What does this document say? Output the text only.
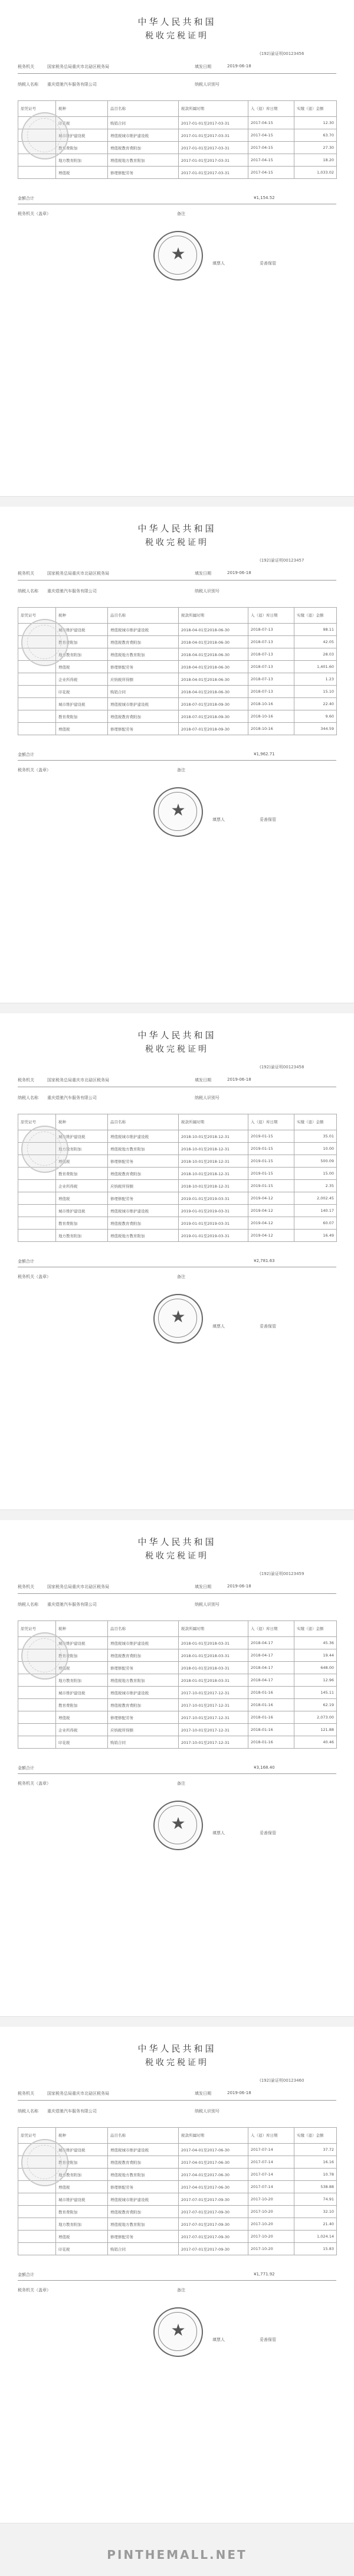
中华人民共和国
税收完税证明
(192)渝证明00123456
税务机关	国家税务总局重庆市北碚区税务局	填发日期	2019-06-18
纳税人名称 重庆煜驰汽车服务有限公司	纳税人识别号
原凭证号	税种	品目名称	税款所属时期	入（退）库日期	实缴（退）金额
	印花税	购销合同	2017-01-01至2017-03-31	2017-04-15	12.30
	城市维护建设税	增值税城市维护建设税	2017-01-01至2017-03-31	2017-04-15	63.70
	教育费附加	增值税教育费附加	2017-01-01至2017-03-31	2017-04-15	27.30
	地方教育附加	增值税地方教育附加	2017-01-01至2017-03-31	2017-04-15	18.20
	增值税	修理修配劳务	2017-01-01至2017-03-31	2017-04-15	1,033.02
金额合计	¥1,154.52
税务机关（盖章）	备注
★	填票人	妥善保管
中华人民共和国
税收完税证明
(192)渝证明00123457
税务机关	国家税务总局重庆市北碚区税务局	填发日期	2019-06-18
纳税人名称 重庆煜驰汽车服务有限公司	纳税人识别号
原凭证号	税种	品目名称	税款所属时期	入（退）库日期	实缴（退）金额
	城市维护建设税	增值税城市维护建设税	2018-04-01至2018-06-30	2018-07-13	98.11
	教育费附加	增值税教育费附加	2018-04-01至2018-06-30	2018-07-13	42.05
	地方教育附加	增值税地方教育附加	2018-04-01至2018-06-30	2018-07-13	28.03
	增值税	修理修配劳务	2018-04-01至2018-06-30	2018-07-13	1,401.60
	企业所得税	应纳税所得额	2018-04-01至2018-06-30	2018-07-13	1.23
	印花税	购销合同	2018-04-01至2018-06-30	2018-07-13	15.10
	城市维护建设税	增值税城市维护建设税	2018-07-01至2018-09-30	2018-10-16	22.40
	教育费附加	增值税教育费附加	2018-07-01至2018-09-30	2018-10-16	9.60
	增值税	修理修配劳务	2018-07-01至2018-09-30	2018-10-16	344.59
金额合计	¥1,962.71
税务机关（盖章）	备注
★	填票人	妥善保管
中华人民共和国
税收完税证明
(192)渝证明00123458
税务机关	国家税务总局重庆市北碚区税务局	填发日期	2019-06-18
纳税人名称 重庆煜驰汽车服务有限公司	纳税人识别号
原凭证号	税种	品目名称	税款所属时期	入（退）库日期	实缴（退）金额
	城市维护建设税	增值税城市维护建设税	2018-10-01至2018-12-31	2019-01-15	35.01
	地方教育附加	增值税地方教育附加	2018-10-01至2018-12-31	2019-01-15	10.00
	增值税	修理修配劳务	2018-10-01至2018-12-31	2019-01-15	500.09
	教育费附加	增值税教育费附加	2018-10-01至2018-12-31	2019-01-15	15.00
	企业所得税	应纳税所得额	2018-10-01至2018-12-31	2019-01-15	2.35
	增值税	修理修配劳务	2019-01-01至2019-03-31	2019-04-12	2,002.45
	城市维护建设税	增值税城市维护建设税	2019-01-01至2019-03-31	2019-04-12	140.17
	教育费附加	增值税教育费附加	2019-01-01至2019-03-31	2019-04-12	60.07
	地方教育附加	增值税地方教育附加	2019-01-01至2019-03-31	2019-04-12	16.49
金额合计	¥2,781.63
税务机关（盖章）	备注
★	填票人	妥善保管
中华人民共和国
税收完税证明
(192)渝证明00123459
税务机关	国家税务总局重庆市北碚区税务局	填发日期	2019-06-18
纳税人名称 重庆煜驰汽车服务有限公司	纳税人识别号
原凭证号	税种	品目名称	税款所属时期	入（退）库日期	实缴（退）金额
	城市维护建设税	增值税城市维护建设税	2018-01-01至2018-03-31	2018-04-17	45.36
	教育费附加	增值税教育费附加	2018-01-01至2018-03-31	2018-04-17	19.44
	增值税	修理修配劳务	2018-01-01至2018-03-31	2018-04-17	648.00
	地方教育附加	增值税地方教育附加	2018-01-01至2018-03-31	2018-04-17	12.96
	城市维护建设税	增值税城市维护建设税	2017-10-01至2017-12-31	2018-01-16	145.11
	教育费附加	增值税教育费附加	2017-10-01至2017-12-31	2018-01-16	62.19
	增值税	修理修配劳务	2017-10-01至2017-12-31	2018-01-16	2,073.00
	企业所得税	应纳税所得额	2017-10-01至2017-12-31	2018-01-16	121.88
	印花税	购销合同	2017-10-01至2017-12-31	2018-01-16	40.46
金额合计	¥3,168.40
税务机关（盖章）	备注
★	填票人	妥善保管
中华人民共和国
税收完税证明
(192)渝证明00123460
税务机关	国家税务总局重庆市北碚区税务局	填发日期	2019-06-18
纳税人名称 重庆煜驰汽车服务有限公司	纳税人识别号
原凭证号	税种	品目名称	税款所属时期	入（退）库日期	实缴（退）金额
	城市维护建设税	增值税城市维护建设税	2017-04-01至2017-06-30	2017-07-14	37.72
	教育费附加	增值税教育费附加	2017-04-01至2017-06-30	2017-07-14	16.16
	地方教育附加	增值税地方教育附加	2017-04-01至2017-06-30	2017-07-14	10.78
	增值税	修理修配劳务	2017-04-01至2017-06-30	2017-07-14	538.88
	城市维护建设税	增值税城市维护建设税	2017-07-01至2017-09-30	2017-10-20	74.91
	教育费附加	增值税教育费附加	2017-07-01至2017-09-30	2017-10-20	32.10
	地方教育附加	增值税地方教育附加	2017-07-01至2017-09-30	2017-10-20	21.40
	增值税	修理修配劳务	2017-07-01至2017-09-30	2017-10-20	1,024.14
	印花税	购销合同	2017-07-01至2017-09-30	2017-10-20	15.83
金额合计	¥1,771.92
税务机关（盖章）	备注
★	填票人	妥善保管
PINTHEMALL.NET
